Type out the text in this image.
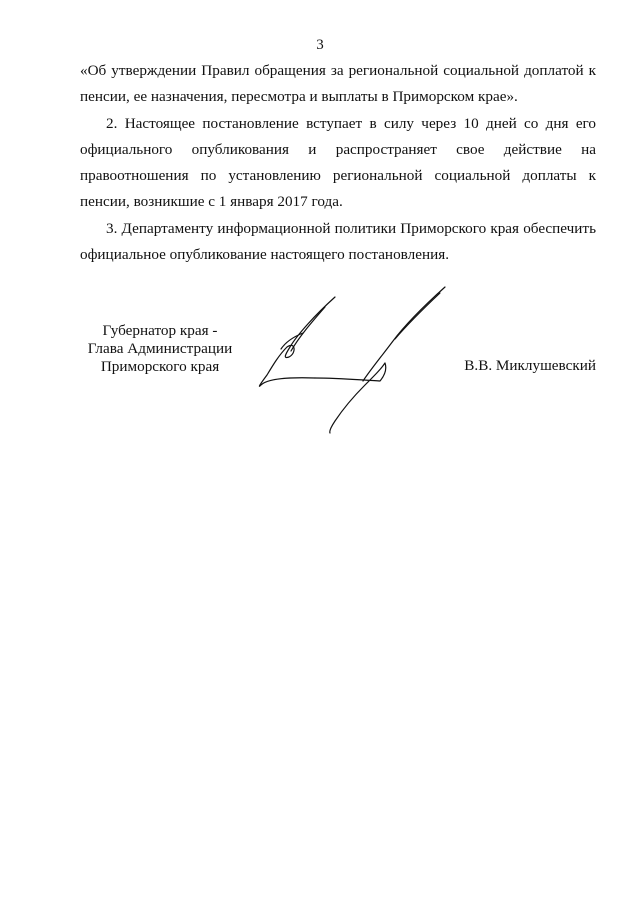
3
«Об утверждении Правил обращения за региональной социальной доплатой к пенсии, ее назначения, пересмотра и выплаты в Приморском крае».
2. Настоящее постановление вступает в силу через 10 дней со дня его официального опубликования и распространяет свое действие на правоотношения по установлению региональной социальной доплаты к пенсии, возникшие с 1 января 2017 года.
3. Департаменту информационной политики Приморского края обеспечить официальное опубликование настоящего постановления.
Губернатор края -
Глава Администрации
Приморского края	В.В. Миклушевский
